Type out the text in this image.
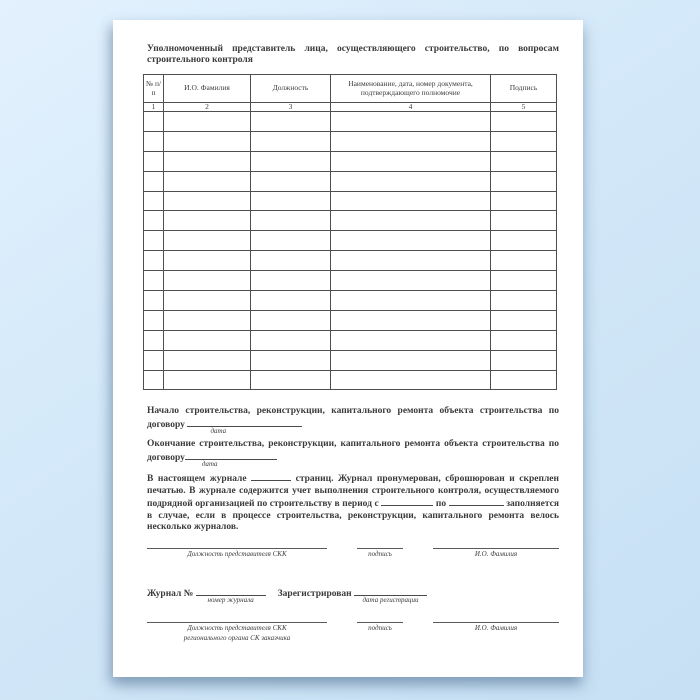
Уполномоченный представитель лица, осуществляющего строительство, по вопросам строительного контроля

№ п/п	И.О. Фамилия	Должность	Наименование, дата, номер документа, подтверждающего полномочие	Подпись
1	2	3	4	5

Начало строительства, реконструкции, капитального ремонта объекта строительства по договору
дата

Окончание строительства, реконструкции, капитального ремонта объекта строительства по договору
дата

В настоящем журнале	страниц. Журнал пронумерован, сброшюрован и скреплен печатью. В журнале содержится учет выполнения строительного контроля, осуществляемого подрядной организацией по строительству в период с	по	заполняется в случае, если в процессе строительства, реконструкции, капитального ремонта велось несколько журналов.

Должность представителя СКК	подпись	И.О. Фамилия

Журнал №
номер журнала
Зарегистрирован
дата регистрации

Должность представителя СКК
регионального органа СК заказчика
подпись	И.О. Фамилия
